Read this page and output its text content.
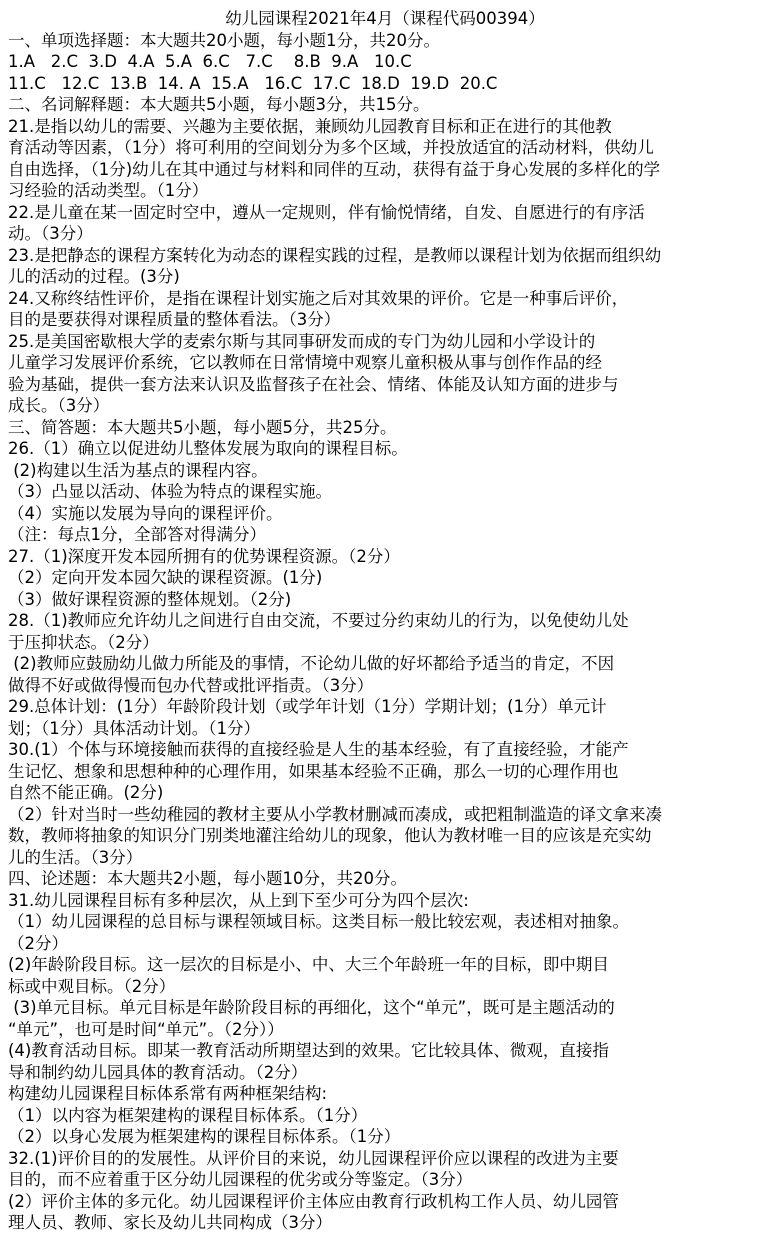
幼儿园课程2021年4月（课程代码00394）
一、单项选择题：本大题共20小题，每小题1分，共20分。
1.A   2.C  3.D  4.A  5.A  6.C   7.C    8.B  9.A   10.C
11.C   12.C  13.B  14. A  15.A   16.C  17.C  18.D  19.D  20.C
二、名词解释题：本大题共5小题，每小题3分，共15分。
21.是指以幼儿的需要、兴趣为主要依据，兼顾幼儿园教育目标和正在进行的其他教
育活动等因素，（1分）将可利用的空间划分为多个区域，并投放适宜的活动材料，供幼儿
自由选择，（1分)幼儿在其中通过与材料和同伴的互动，获得有益于身心发展的多样化的学
习经验的活动类型。（1分）
22.是儿童在某一固定时空中，遵从一定规则，伴有愉悦情绪，自发、自愿进行的有序活
动。（3分）
23.是把静态的课程方案转化为动态的课程实践的过程，是教师以课程计划为依据而组织幼
儿的活动的过程。(3分)
24.又称终结性评价，是指在课程计划实施之后对其效果的评价。它是一种事后评价，
目的是要获得对课程质量的整体看法。（3分）
25.是美国密歇根大学的麦索尔斯与其同事研发而成的专门为幼儿园和小学设计的
儿童学习发展评价系统，它以教师在日常情境中观察儿童积极从事与创作作品的经
验为基础，提供一套方法来认识及监督孩子在社会、情绪、体能及认知方面的进步与
成长。（3分）
三、简答题：本大题共5小题，每小题5分，共25分。
26.（1）确立以促进幼儿整体发展为取向的课程目标。
(2)构建以生活为基点的课程内容。
（3）凸显以活动、体验为特点的课程实施。
（4）实施以发展为导向的课程评价。
（注：每点1分，全部答对得满分）
27.（1)深度开发本园所拥有的优势课程资源。（2分）
（2）定向开发本园欠缺的课程资源。(1分)
（3）做好课程资源的整体规划。（2分)
28.（1)教师应允许幼儿之间进行自由交流，不要过分约束幼儿的行为，以免使幼儿处
于压抑状态。（2分）
(2)教师应鼓励幼儿做力所能及的事情，不论幼儿做的好坏都给予适当的肯定，不因
做得不好或做得慢而包办代替或批评指责。（3分）
29.总体计划：(1分）年龄阶段计划（或学年计划（1分）学期计划；(1分）单元计
划；（1分）具体活动计划。（1分）
30.(1）个体与环境接触而获得的直接经验是人生的基本经验，有了直接经验，才能产
生记忆、想象和思想种种的心理作用，如果基本经验不正确，那么一切的心理作用也
自然不能正确。(2分)
（2）针对当时一些幼稚园的教材主要从小学教材删减而凑成，或把粗制滥造的译文拿来凑
数，教师将抽象的知识分门别类地灌注给幼儿的现象，他认为教材唯一目的应该是充实幼
儿的生活。（3分）
四、论述题：本大题共2小题，每小题10分，共20分。
31.幼儿园课程目标有多种层次，从上到下至少可分为四个层次:
（1）幼儿园课程的总目标与课程领域目标。这类目标一般比较宏观，表述相对抽象。
（2分）
(2)年龄阶段目标。这一层次的目标是小、中、大三个年龄班一年的目标，即中期目
标或中观目标。（2分）
(3)单元目标。单元目标是年龄阶段目标的再细化，这个“单元”，既可是主题活动的
“单元”，也可是时间“单元”。（2分））
(4)教育活动目标。即某一教育活动所期望达到的效果。它比较具体、微观，直接指
导和制约幼儿园具体的教育活动。（2分）
构建幼儿园课程目标体系常有两种框架结构:
（1）以内容为框架建构的课程目标体系。（1分）
（2）以身心发展为框架建构的课程目标体系。（1分）
32.(1)评价目的的发展性。从评价目的来说，幼儿园课程评价应以课程的改进为主要
目的，而不应着重于区分幼儿园课程的优劣或分等鉴定。（3分）
(2）评价主体的多元化。幼儿园课程评价主体应由教育行政机构工作人员、幼儿园管
理人员、教师、家长及幼儿共同构成（3分）
